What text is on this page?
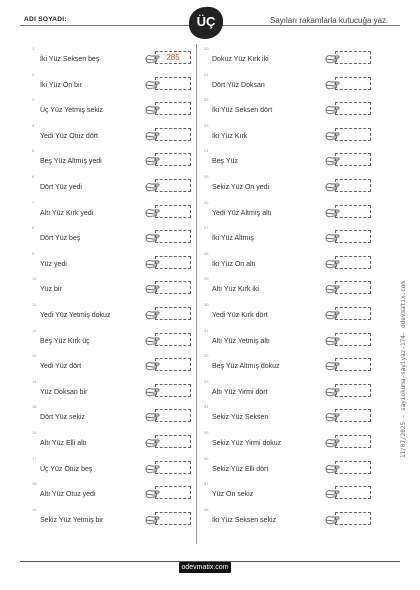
ADI SOYADI:	ÜÇ	Sayıları rakamlarla kutucuğa yaz.
11/07/2025 - sayiokuma-sayiyaz-174- odevmatix.com
1
İki Yüz Seksen beş	285
2
İki Yüz On bir
3
Üç Yüz Yetmiş sekiz
4
Yedi Yüz Otuz dört
5
Beş Yüz Altmış yedi
6
Dört Yüz yedi
7
Altı Yüz Kırk yedi
8
Dört Yüz beş
9
Yüz yedi
10
Yüz bir
11
Yedi Yüz Yetmiş dokuz
12
Beş Yüz Kırk üç
13
Yedi Yüz dört
14
Yüz Doksan bir
15
Dört Yüz sekiz
16
Altı Yüz Elli altı
17
Üç Yüz Otuz beş
18
Altı Yüz Otuz yedi
19
Sekiz Yüz Yetmiş bir
20
Dokuz Yüz Kırk iki
21
Dört Yüz Doksan
22
İki Yüz Seksen dört
23
İki Yüz Kırk
24
Beş Yüz
25
Sekiz Yüz On yedi
26
Yedi Yüz Altmış altı
27
İki Yüz Altmış
28
İki Yüz On altı
29
Altı Yüz Kırk iki
30
Yedi Yüz Kırk dört
31
Altı Yüz Yetmiş altı
32
Beş Yüz Altmış dokuz
33
Altı Yüz Yirmi dört
34
Sekiz Yüz Seksen
35
Sekiz Yüz Yirmi dokuz
36
Sekiz Yüz Elli dört
37
Yüz On sekiz
38
İki Yüz Seksen sekiz
odevmatix.com
